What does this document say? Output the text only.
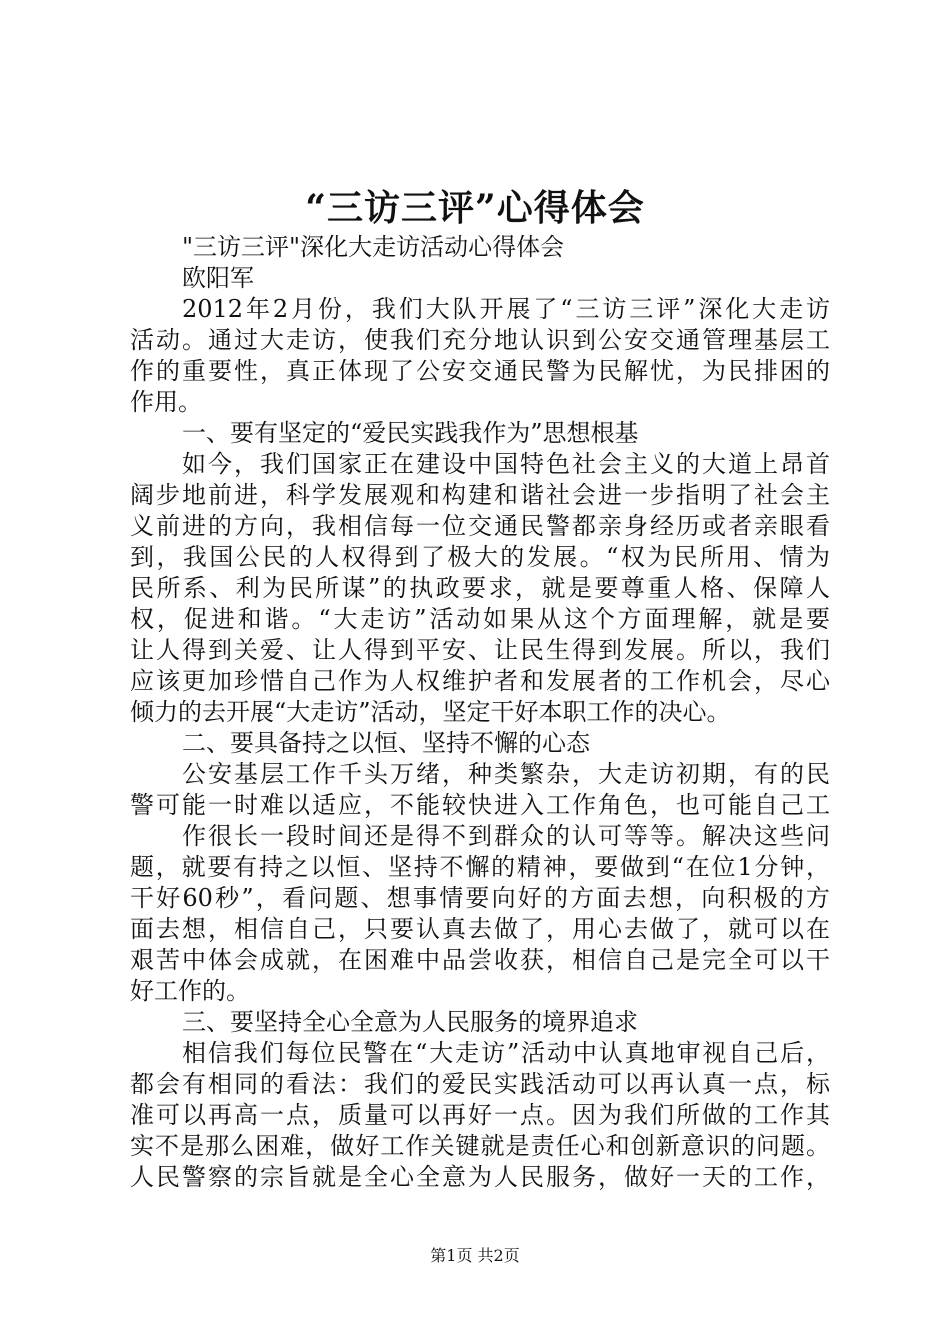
“三访三评”心得体会
"三访三评"深化大走访活动心得体会
欧阳军
2012年2月份，我们大队开展了“三访三评”深化大走访
活动。通过大走访，使我们充分地认识到公安交通管理基层工
作的重要性，真正体现了公安交通民警为民解忧，为民排困的
作用。
一、要有坚定的“爱民实践我作为”思想根基
如今，我们国家正在建设中国特色社会主义的大道上昂首
阔步地前进，科学发展观和构建和谐社会进一步指明了社会主
义前进的方向，我相信每一位交通民警都亲身经历或者亲眼看
到，我国公民的人权得到了极大的发展。“权为民所用、情为
民所系、利为民所谋”的执政要求，就是要尊重人格、保障人
权，促进和谐。“大走访”活动如果从这个方面理解，就是要
让人得到关爱、让人得到平安、让民生得到发展。所以，我们
应该更加珍惜自己作为人权维护者和发展者的工作机会，尽心
倾力的去开展“大走访”活动，坚定干好本职工作的决心。
二、要具备持之以恒、坚持不懈的心态
公安基层工作千头万绪，种类繁杂，大走访初期，有的民
警可能一时难以适应，不能较快进入工作角色，也可能自己工
作很长一段时间还是得不到群众的认可等等。解决这些问
题，就要有持之以恒、坚持不懈的精神，要做到“在位1分钟，
干好60秒”，看问题、想事情要向好的方面去想，向积极的方
面去想，相信自己，只要认真去做了，用心去做了，就可以在
艰苦中体会成就，在困难中品尝收获，相信自己是完全可以干
好工作的。
三、要坚持全心全意为人民服务的境界追求
相信我们每位民警在“大走访”活动中认真地审视自己后，
都会有相同的看法：我们的爱民实践活动可以再认真一点，标
准可以再高一点，质量可以再好一点。因为我们所做的工作其
实不是那么困难，做好工作关键就是责任心和创新意识的问题。
人民警察的宗旨就是全心全意为人民服务，做好一天的工作，
第1页 共2页
